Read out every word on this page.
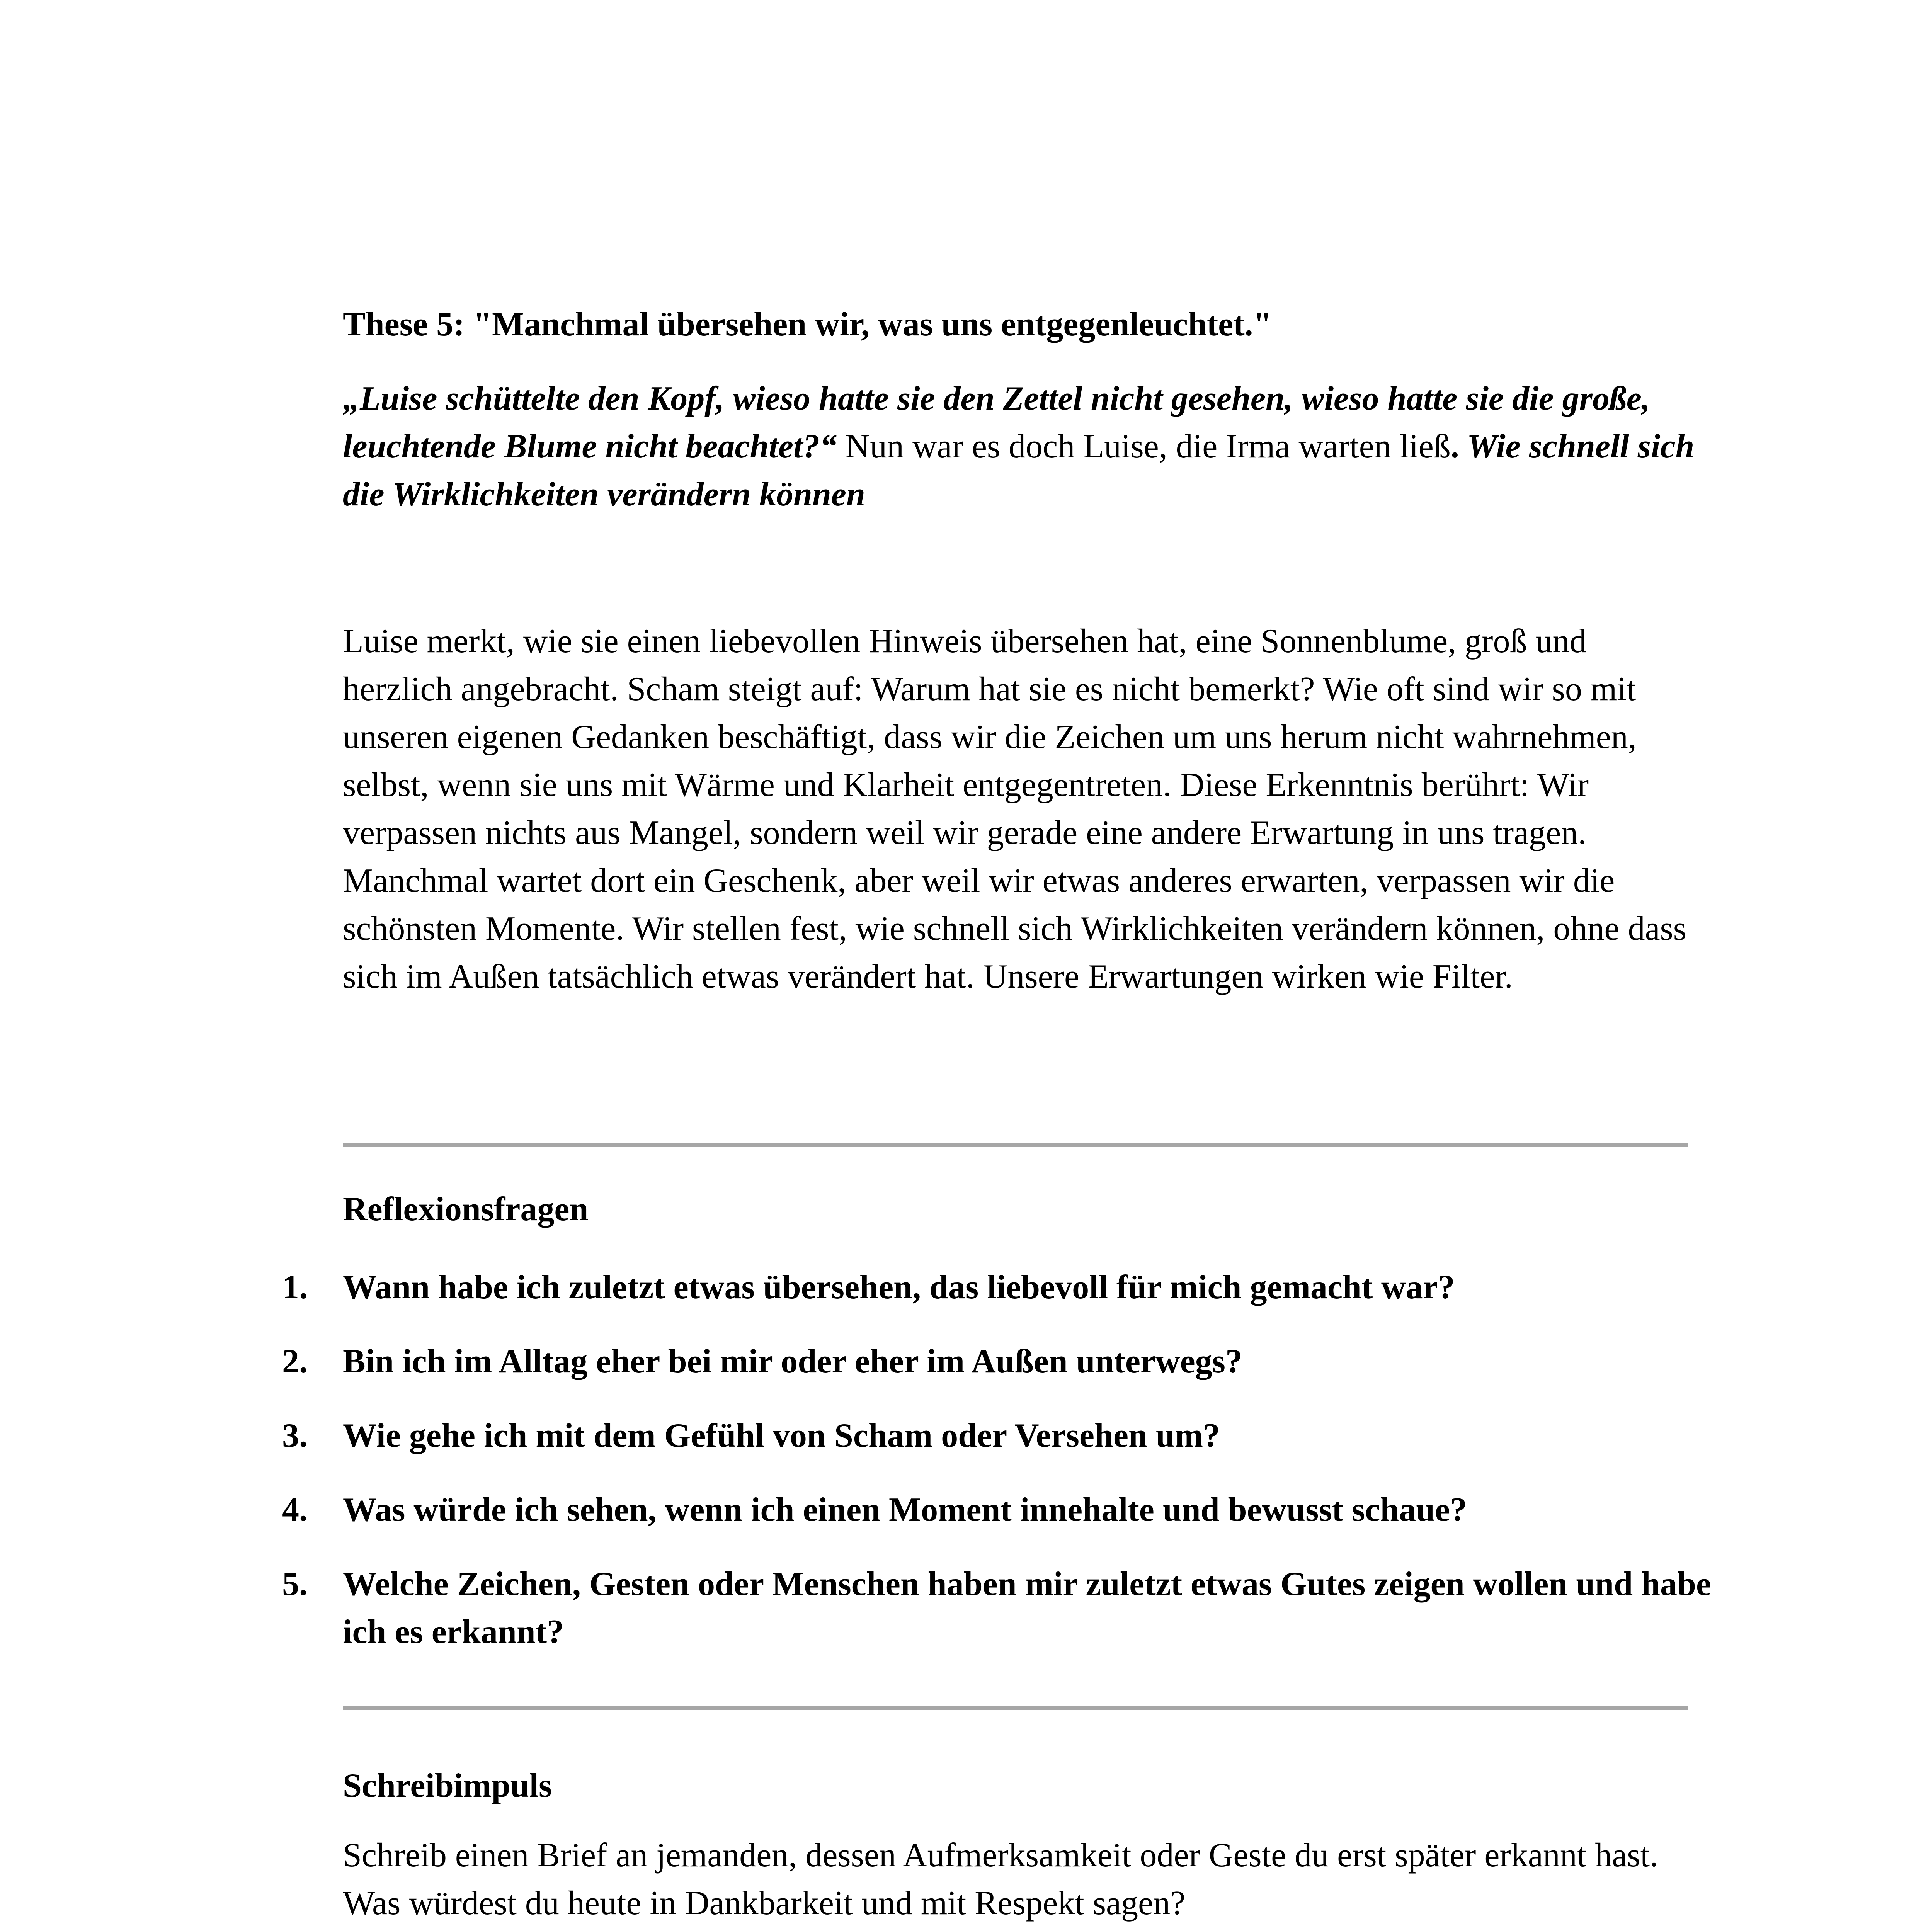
These 5: "Manchmal übersehen wir, was uns entgegenleuchtet."
„Luise schüttelte den Kopf, wieso hatte sie den Zettel nicht gesehen, wieso hatte sie die große, leuchtende Blume nicht beachtet?“ Nun war es doch Luise, die Irma warten ließ. Wie schnell sich die Wirklichkeiten verändern können
Luise merkt, wie sie einen liebevollen Hinweis übersehen hat, eine Sonnenblume, groß und herzlich angebracht. Scham steigt auf: Warum hat sie es nicht bemerkt? Wie oft sind wir so mit unseren eigenen Gedanken beschäftigt, dass wir die Zeichen um uns herum nicht wahrnehmen, selbst, wenn sie uns mit Wärme und Klarheit entgegentreten. Diese Erkenntnis berührt: Wir verpassen nichts aus Mangel, sondern weil wir gerade eine andere Erwartung in uns tragen. Manchmal wartet dort ein Geschenk, aber weil wir etwas anderes erwarten, verpassen wir die schönsten Momente. Wir stellen fest, wie schnell sich Wirklichkeiten verändern können, ohne dass sich im Außen tatsächlich etwas verändert hat. Unsere Erwartungen wirken wie Filter.
Reflexionsfragen
1. Wann habe ich zuletzt etwas übersehen, das liebevoll für mich gemacht war?
2. Bin ich im Alltag eher bei mir oder eher im Außen unterwegs?
3. Wie gehe ich mit dem Gefühl von Scham oder Versehen um?
4. Was würde ich sehen, wenn ich einen Moment innehalte und bewusst schaue?
5. Welche Zeichen, Gesten oder Menschen haben mir zuletzt etwas Gutes zeigen wollen und habe ich es erkannt?
Schreibimpuls

Schreib einen Brief an jemanden, dessen Aufmerksamkeit oder Geste du erst später erkannt hast.

Was würdest du heute in Dankbarkeit und mit Respekt sagen?
